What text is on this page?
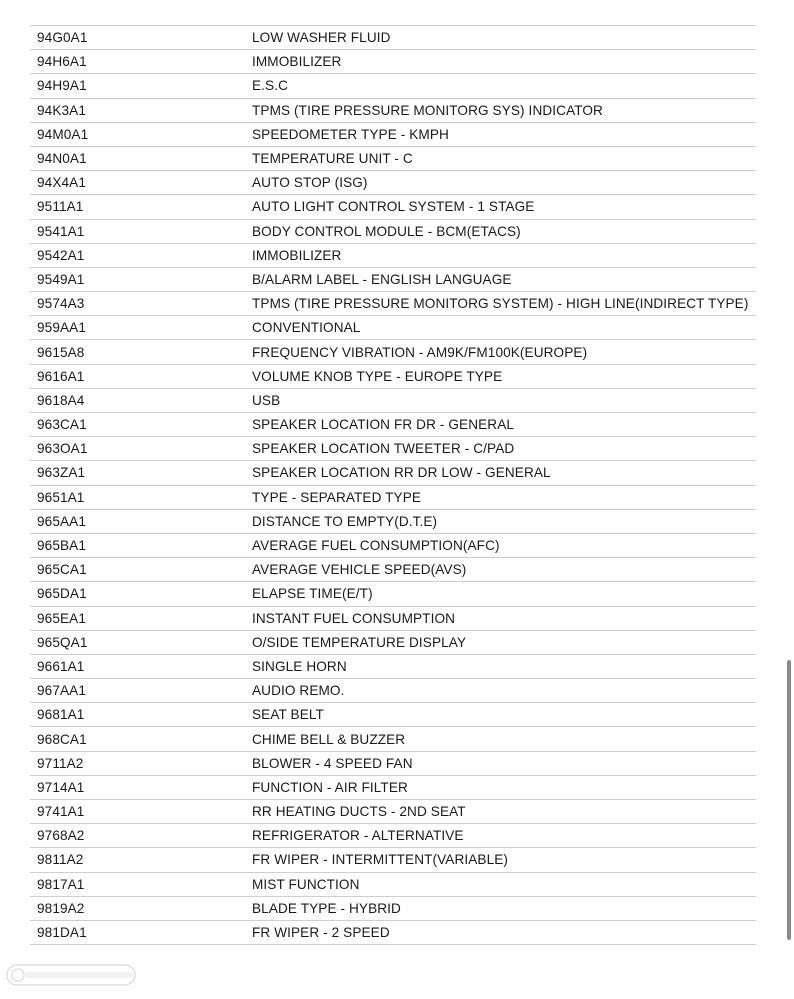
94G0A1	LOW WASHER FLUID
94H6A1	IMMOBILIZER
94H9A1	E.S.C
94K3A1	TPMS (TIRE PRESSURE MONITORG SYS) INDICATOR
94M0A1	SPEEDOMETER TYPE - KMPH
94N0A1	TEMPERATURE UNIT - C
94X4A1	AUTO STOP (ISG)
9511A1	AUTO LIGHT CONTROL SYSTEM - 1 STAGE
9541A1	BODY CONTROL MODULE - BCM(ETACS)
9542A1	IMMOBILIZER
9549A1	B/ALARM LABEL - ENGLISH LANGUAGE
9574A3	TPMS (TIRE PRESSURE MONITORG SYSTEM) - HIGH LINE(INDIRECT TYPE)
959AA1	CONVENTIONAL
9615A8	FREQUENCY VIBRATION - AM9K/FM100K(EUROPE)
9616A1	VOLUME KNOB TYPE - EUROPE TYPE
9618A4	USB
963CA1	SPEAKER LOCATION FR DR - GENERAL
963OA1	SPEAKER LOCATION TWEETER - C/PAD
963ZA1	SPEAKER LOCATION RR DR LOW - GENERAL
9651A1	TYPE - SEPARATED TYPE
965AA1	DISTANCE TO EMPTY(D.T.E)
965BA1	AVERAGE FUEL CONSUMPTION(AFC)
965CA1	AVERAGE VEHICLE SPEED(AVS)
965DA1	ELAPSE TIME(E/T)
965EA1	INSTANT FUEL CONSUMPTION
965QA1	O/SIDE TEMPERATURE DISPLAY
9661A1	SINGLE HORN
967AA1	AUDIO REMO.
9681A1	SEAT BELT
968CA1	CHIME BELL & BUZZER
9711A2	BLOWER - 4 SPEED FAN
9714A1	FUNCTION - AIR FILTER
9741A1	RR HEATING DUCTS - 2ND SEAT
9768A2	REFRIGERATOR - ALTERNATIVE
9811A2	FR WIPER - INTERMITTENT(VARIABLE)
9817A1	MIST FUNCTION
9819A2	BLADE TYPE - HYBRID
981DA1	FR WIPER - 2 SPEED
